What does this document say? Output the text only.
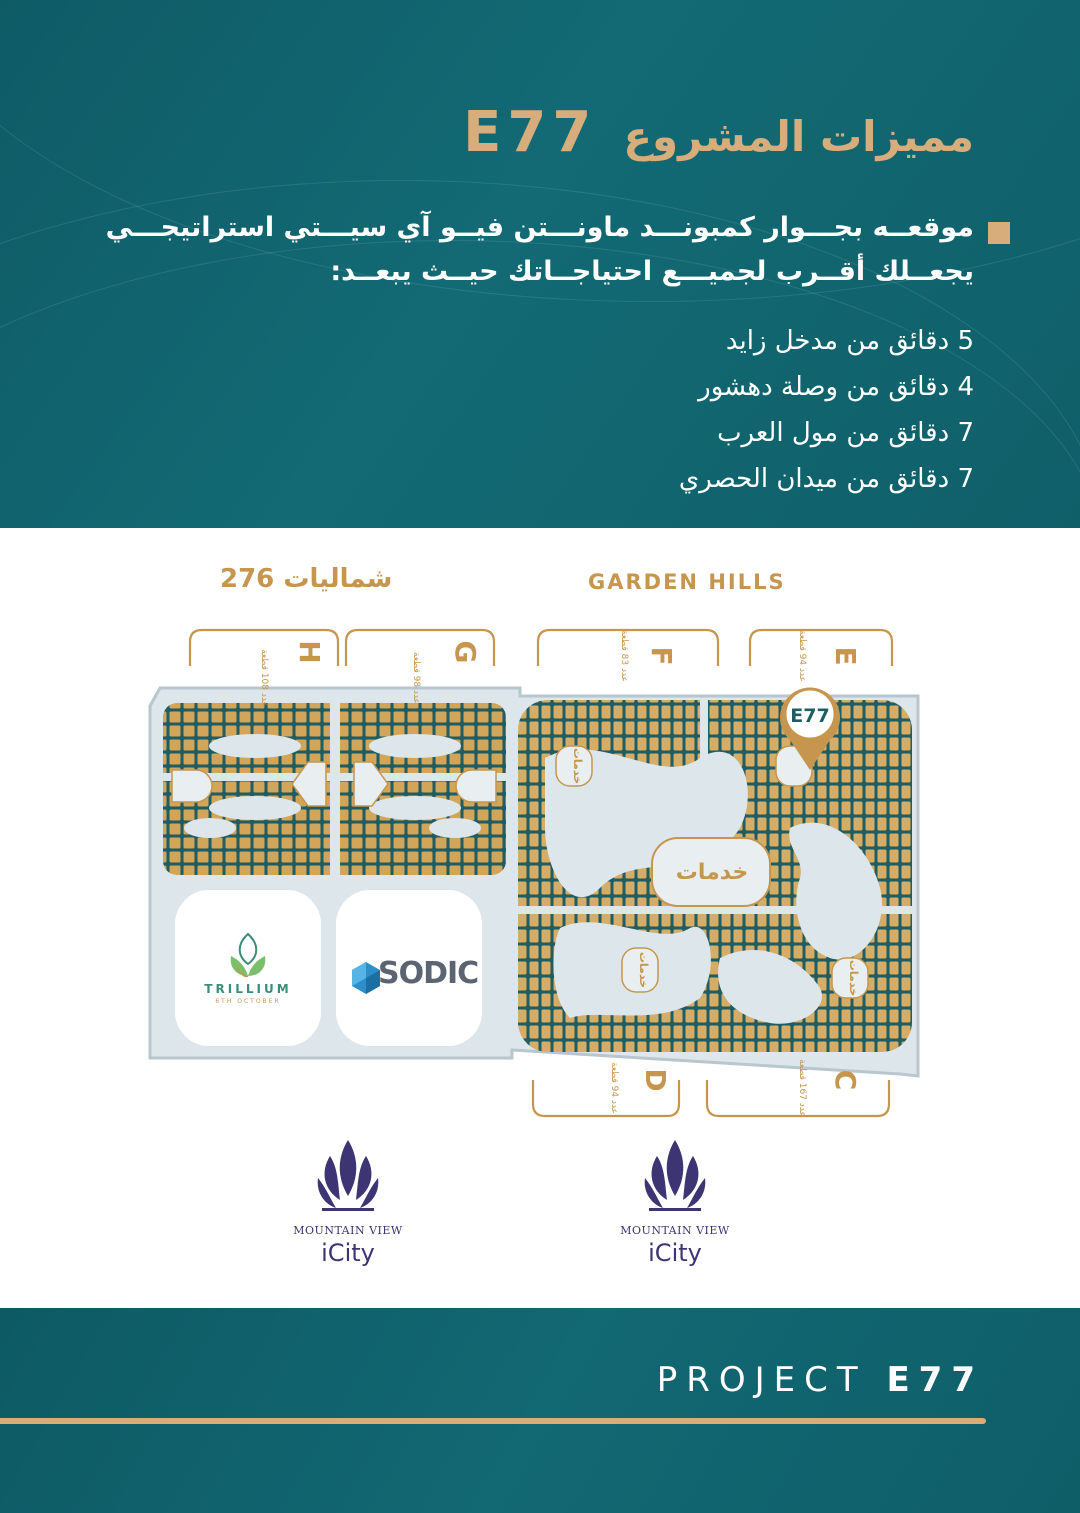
E77 مميزات المشروع
موقعــه بجـــوار كمبونـــد ماونـــتن فيــو آي سيـــتي استراتيجـــي
يجعــلك أقــرب لجميـــع احتياجــاتك حيــث يبعــد:
5 دقائق من مدخل زايد
4 دقائق من وصلة دهشور
7 دقائق من مول العرب
7 دقائق من ميدان الحصري
H	G	F	E
D	C
عدد 108 قطعة
عدد 98 قطعة
عدد 83 قطعة
عدد 94 قطعة
عدد 94 قطعة
عدد 167 قطعة
خدمات
خدمات	خدمات
E77
شماليات 276	GARDEN HILLS
خدمات
TRILLIUM
6TH OCTOBER
SODIC
MOUNTAIN VIEW
iCity
MOUNTAIN VIEW
iCity
PROJECT E77
